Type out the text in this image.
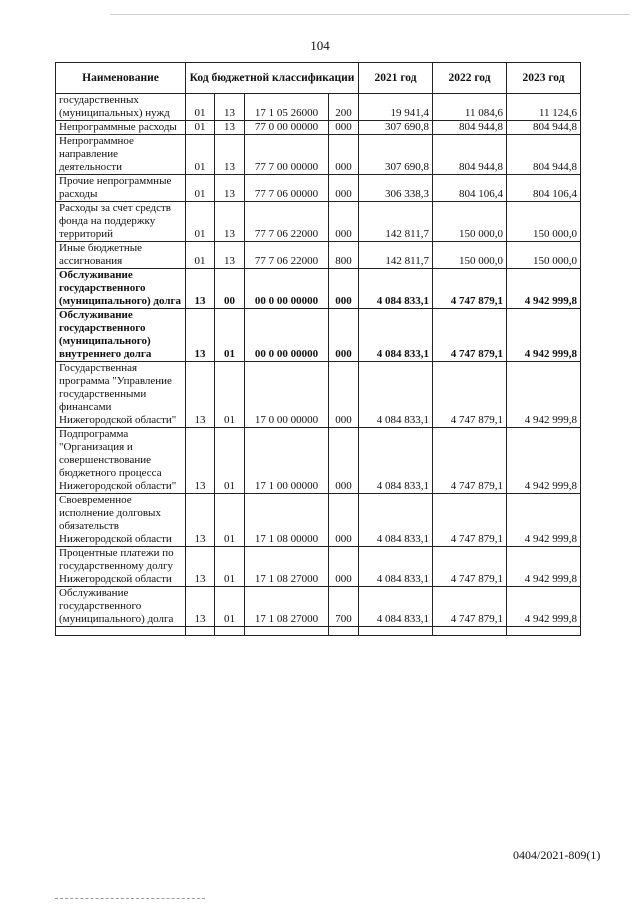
104
Наименование	Код бюджетной классификации				2021 год	2022 год	2023 год
государственных (муниципальных) нужд	01	13	17 1 05 26000	200	19 941,4	11 084,6	11 124,6
Непрограммные расходы	01	13	77 0 00 00000	000	307 690,8	804 944,8	804 944,8
Непрограммное направление деятельности	01	13	77 7 00 00000	000	307 690,8	804 944,8	804 944,8
Прочие непрограммные расходы	01	13	77 7 06 00000	000	306 338,3	804 106,4	804 106,4
Расходы за счет средств фонда на поддержку территорий	01	13	77 7 06 22000	000	142 811,7	150 000,0	150 000,0
Иные бюджетные ассигнования	01	13	77 7 06 22000	800	142 811,7	150 000,0	150 000,0
Обслуживание государственного (муниципального) долга	13	00	00 0 00 00000	000	4 084 833,1	4 747 879,1	4 942 999,8
Обслуживание государственного (муниципального) внутреннего долга	13	01	00 0 00 00000	000	4 084 833,1	4 747 879,1	4 942 999,8
Государственная программа "Управление государственными финансами Нижегородской области"	13	01	17 0 00 00000	000	4 084 833,1	4 747 879,1	4 942 999,8
Подпрограмма "Организация и совершенствование бюджетного процесса Нижегородской области"	13	01	17 1 00 00000	000	4 084 833,1	4 747 879,1	4 942 999,8
Своевременное исполнение долговых обязательств Нижегородской области	13	01	17 1 08 00000	000	4 084 833,1	4 747 879,1	4 942 999,8
Процентные платежи по государственному долгу Нижегородской области	13	01	17 1 08 27000	000	4 084 833,1	4 747 879,1	4 942 999,8
Обслуживание государственного (муниципального) долга	13	01	17 1 08 27000	700	4 084 833,1	4 747 879,1	4 942 999,8

0404/2021-809(1)
